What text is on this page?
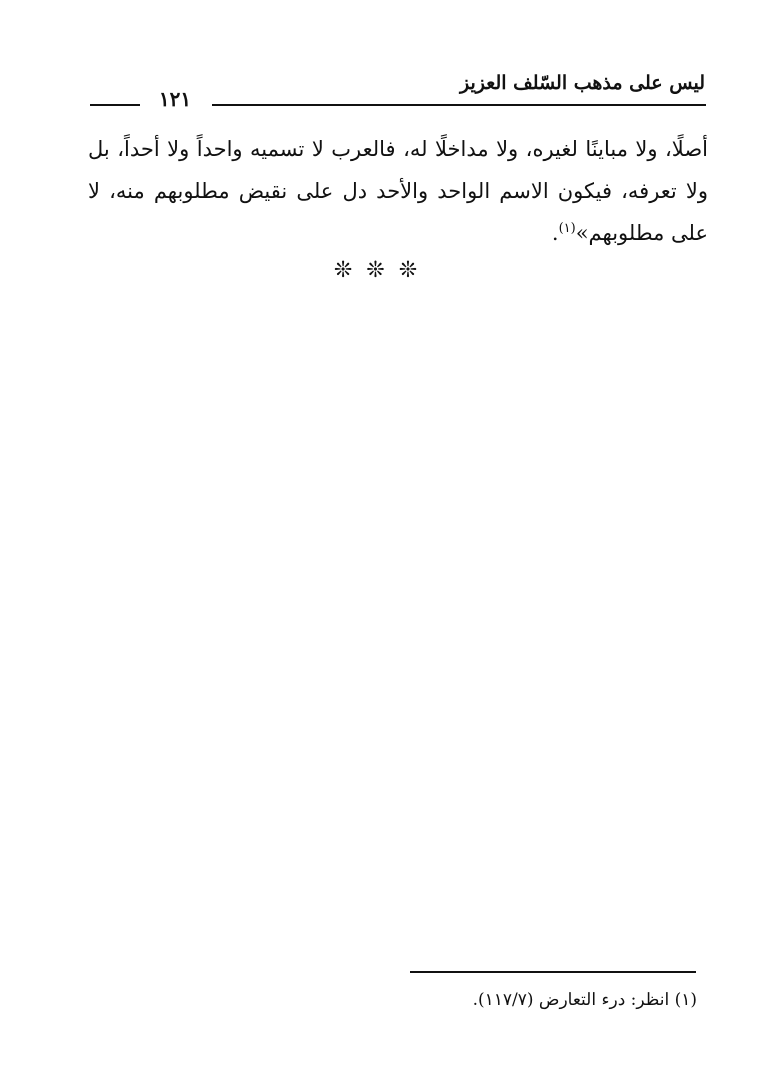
ليس على مذهب السّلف العزيز
١٢١

أصلًا، ولا مباينًا لغيره، ولا مداخلًا له، فالعرب لا تسميه واحداً ولا أحداً، بل ولا تعرفه، فيكون الاسم الواحد والأحد دل على نقيض مطلوبهم منه، لا على مطلوبهم»$^{(١)}$.

❊❊❊
(١) انظر: درء التعارض (١١٧/٧).
